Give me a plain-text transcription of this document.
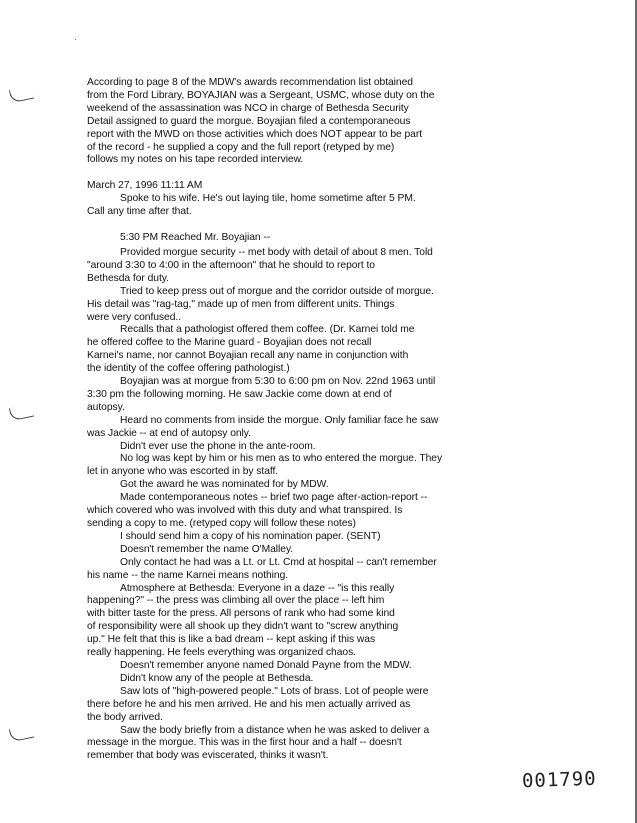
·

According to page 8 of the MDW's awards recommendation list obtained

from the Ford Library, BOYAJIAN was a Sergeant, USMC, whose duty on the

weekend of the assassination was NCO in charge of Bethesda Security

Detail assigned to guard the morgue. Boyajian filed a contemporaneous

report with the MWD on those activities which does NOT appear to be part

of the record - he supplied a copy and the full report (retyped by me)

follows my notes on his tape recorded interview.

March 27, 1996 11:11 AM

Spoke to his wife. He's out laying tile, home sometime after 5 PM.

Call any time after that.

5:30 PM Reached Mr. Boyajian --

Provided morgue security -- met body with detail of about 8 men. Told

"around 3:30 to 4:00 in the afternoon" that he should to report to

Bethesda for duty.

Tried to keep press out of morgue and the corridor outside of morgue.

His detail was "rag-tag," made up of men from different units. Things

were very confused..

Recalls that a pathologist offered them coffee. (Dr. Karnei told me

he offered coffee to the Marine guard - Boyajian does not recall

Karnei's name, nor cannot Boyajian recall any name in conjunction with

the identity of the coffee offering pathologist.)

Boyajian was at morgue from 5:30 to 6:00 pm on Nov. 22nd 1963 until

3:30 pm the following morning. He saw Jackie come down at end of

autopsy.

Heard no comments from inside the morgue. Only familiar face he saw

was Jackie -- at end of autopsy only.

Didn't ever use the phone in the ante-room.

No log was kept by him or his men as to who entered the morgue. They

let in anyone who was escorted in by staff.

Got the award he was nominated for by MDW.

Made contemporaneous notes -- brief two page after-action-report --

which covered who was involved with this duty and what transpired. Is

sending a copy to me. (retyped copy will follow these notes)

I should send him a copy of his nomination paper. (SENT)

Doesn't remember the name O'Malley.

Only contact he had was a Lt. or Lt. Cmd at hospital -- can't remember

his name -- the name Karnei means nothing.

Atmosphere at Bethesda: Everyone in a daze -- "is this really

happening?" -- the press was climbing all over the place -- left him

with bitter taste for the press. All persons of rank who had some kind

of responsibility were all shook up they didn't want to "screw anything

up." He felt that this is like a bad dream -- kept asking if this was

really happening. He feels everything was organized chaos.

Doesn't remember anyone named Donald Payne from the MDW.

Didn't know any of the people at Bethesda.

Saw lots of "high-powered people." Lots of brass. Lot of people were

there before he and his men arrived. He and his men actually arrived as

the body arrived.

Saw the body briefly from a distance when he was asked to deliver a

message in the morgue. This was in the first hour and a half -- doesn't

remember that body was eviscerated, thinks it wasn't.

001790
